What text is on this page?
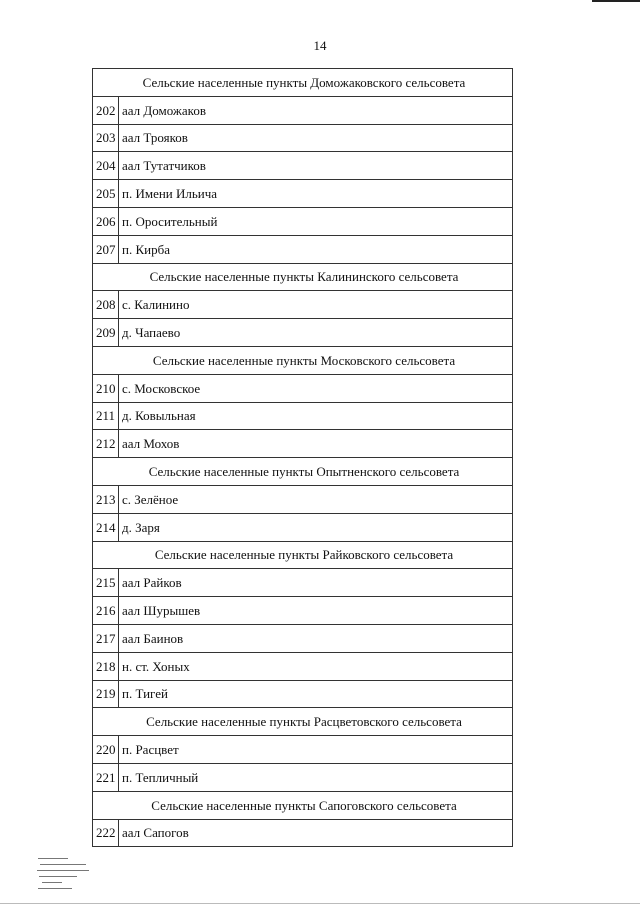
14
Сельские населенные пункты Доможаковского сельсовета	
202	аал Доможаков
203	аал Трояков
204	аал Тутатчиков
205	п. Имени Ильича
206	п. Оросительный
207	п. Кирба
Сельские населенные пункты Калининского сельсовета	
208	с. Калинино
209	д. Чапаево
Сельские населенные пункты Московского сельсовета	
210	с. Московское
211	д. Ковыльная
212	аал Мохов
Сельские населенные пункты Опытненского сельсовета	
213	с. Зелёное
214	д. Заря
Сельские населенные пункты Райковского сельсовета	
215	аал Райков
216	аал Шурышев
217	аал Баинов
218	н. ст. Хоных
219	п. Тигей
Сельские населенные пункты Расцветовского сельсовета	
220	п. Расцвет
221	п. Тепличный
Сельские населенные пункты Сапоговского сельсовета	
222	аал Сапогов
